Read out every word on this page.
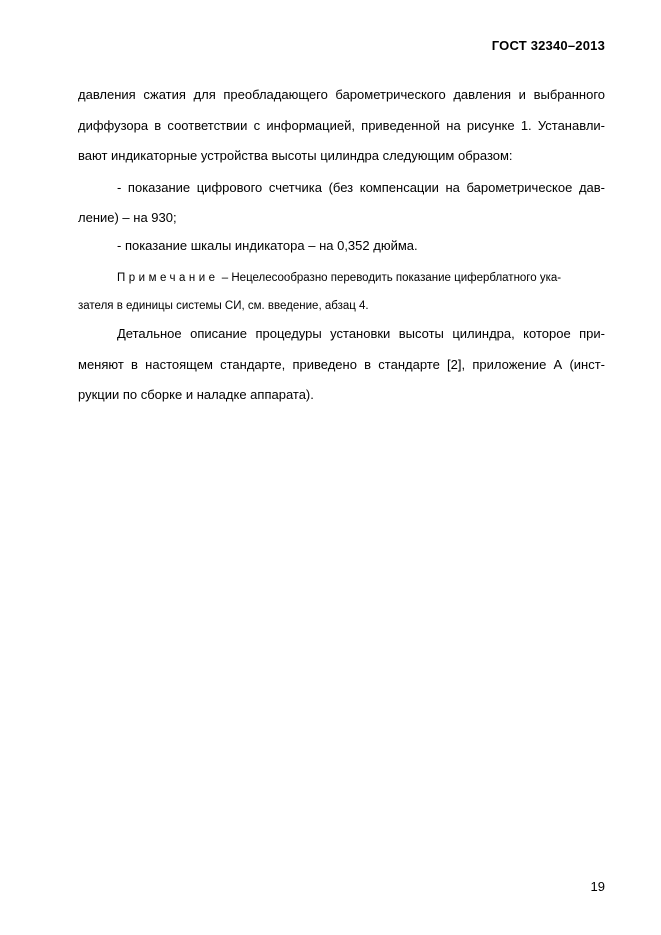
ГОСТ 32340–2013
давления сжатия для преобладающего барометрического давления и выбранного
диффузора в соответствии с информацией, приведенной на рисунке 1. Устанавли-
вают индикаторные устройства высоты цилиндра следующим образом:
- показание цифрового счетчика (без компенсации на барометрическое дав-
ление) – на 930;
- показание шкалы индикатора – на 0,352 дюйма.
Примечание – Нецелесообразно переводить показание циферблатного ука-
зателя в единицы системы СИ, см. введение, абзац 4.
Детальное описание процедуры установки высоты цилиндра, которое при-
меняют в настоящем стандарте, приведено в стандарте [2], приложение А (инст-
рукции по сборке и наладке аппарата).
19
